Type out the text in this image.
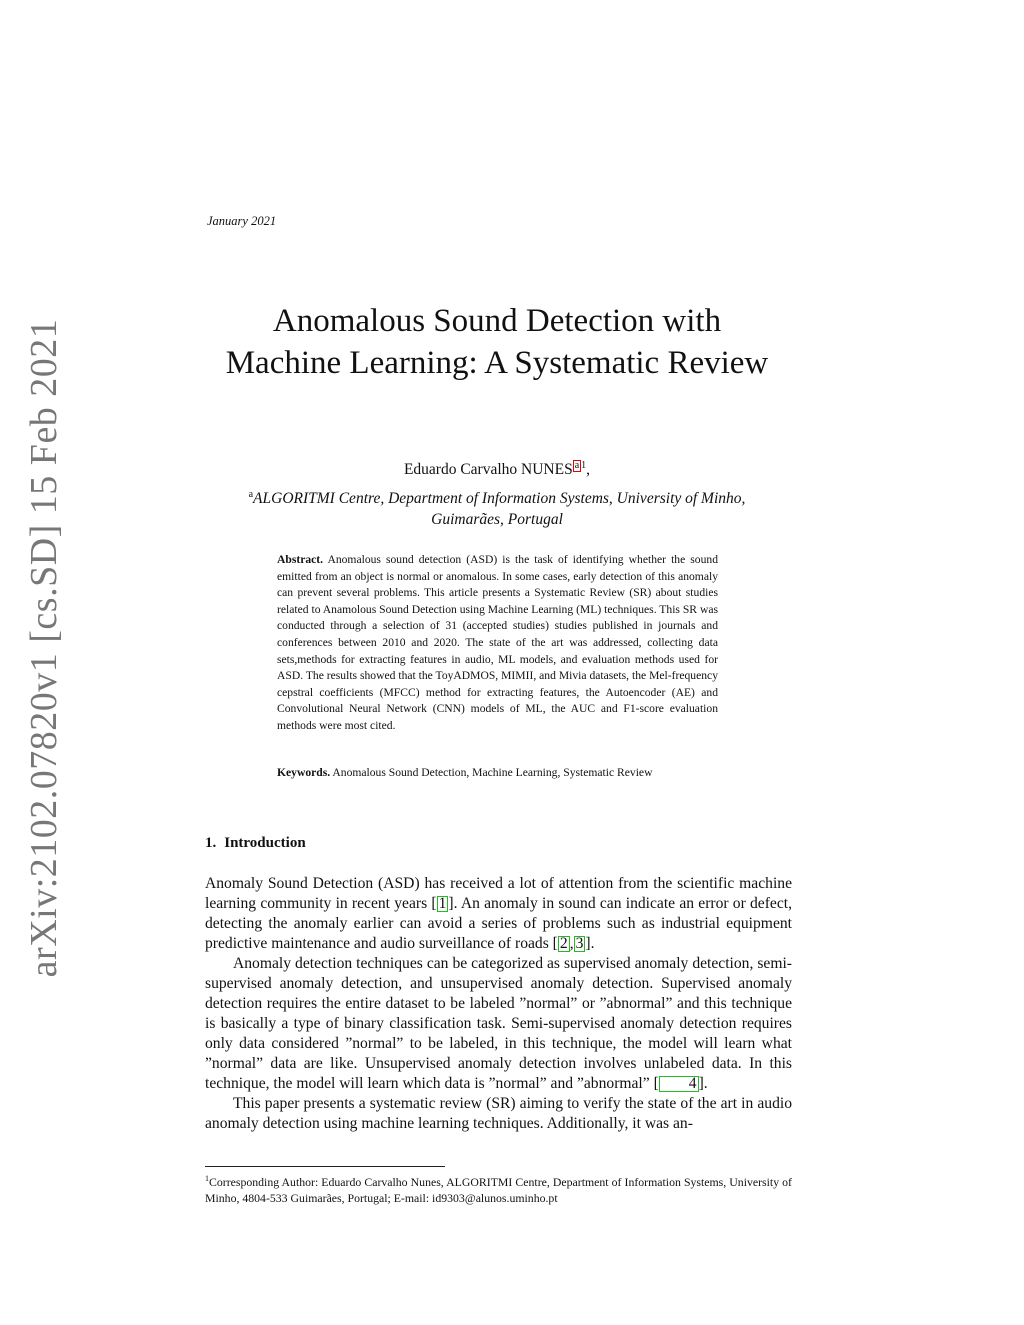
arXiv:2102.07820v1 [cs.SD] 15 Feb 2021
January 2021
Anomalous Sound Detection with
Machine Learning: A Systematic Review
Eduardo Carvalho NUNES a $^1$,
$^a$ALGORITMI Centre, Department of Information Systems, University of Minho,
Guimarães, Portugal

Abstract. Anomalous sound detection (ASD) is the task of identifying whether the sound emitted from an object is normal or anomalous. In some cases, early detection of this anomaly can prevent several problems. This article presents a Systematic Review (SR) about studies related to Anamolous Sound Detection using Machine Learning (ML) techniques. This SR was conducted through a selection of 31 (accepted studies) studies published in journals and conferences between 2010 and 2020. The state of the art was addressed, collecting data sets,methods for extracting features in audio, ML models, and evaluation methods used for ASD. The results showed that the ToyADMOS, MIMII, and Mivia datasets, the Mel-frequency cepstral coefficients (MFCC) method for extracting features, the Autoencoder (AE) and Convolutional Neural Network (CNN) models of ML, the AUC and F1-score evaluation methods were most cited.

Keywords. Anomalous Sound Detection, Machine Learning, Systematic Review

1. Introduction

Anomaly Sound Detection (ASD) has received a lot of attention from the scientific machine learning community in recent years [ 1 ]. An anomaly in sound can indicate an error or defect, detecting the anomaly earlier can avoid a series of problems such as industrial equipment predictive maintenance and audio surveillance of roads [ 2 , 3 ].

Anomaly detection techniques can be categorized as supervised anomaly detection, semi-supervised anomaly detection, and unsupervised anomaly detection. Supervised anomaly detection requires the entire dataset to be labeled ”normal” or ”abnormal” and this technique is basically a type of binary classification task. Semi-supervised anomaly detection requires only data considered ”normal” to be labeled, in this technique, the model will learn what ”normal” data are like. Unsupervised anomaly detection involves unlabeled data. In this technique, the model will learn which data is ”normal” and ”abnormal” [ 4 ].

This paper presents a systematic review (SR) aiming to verify the state of the art in audio anomaly detection using machine learning techniques. Additionally, it was an-

$^1$Corresponding Author: Eduardo Carvalho Nunes, ALGORITMI Centre, Department of Information Systems, University of Minho, 4804-533 Guimarães, Portugal; E-mail: id9303@alunos.uminho.pt
